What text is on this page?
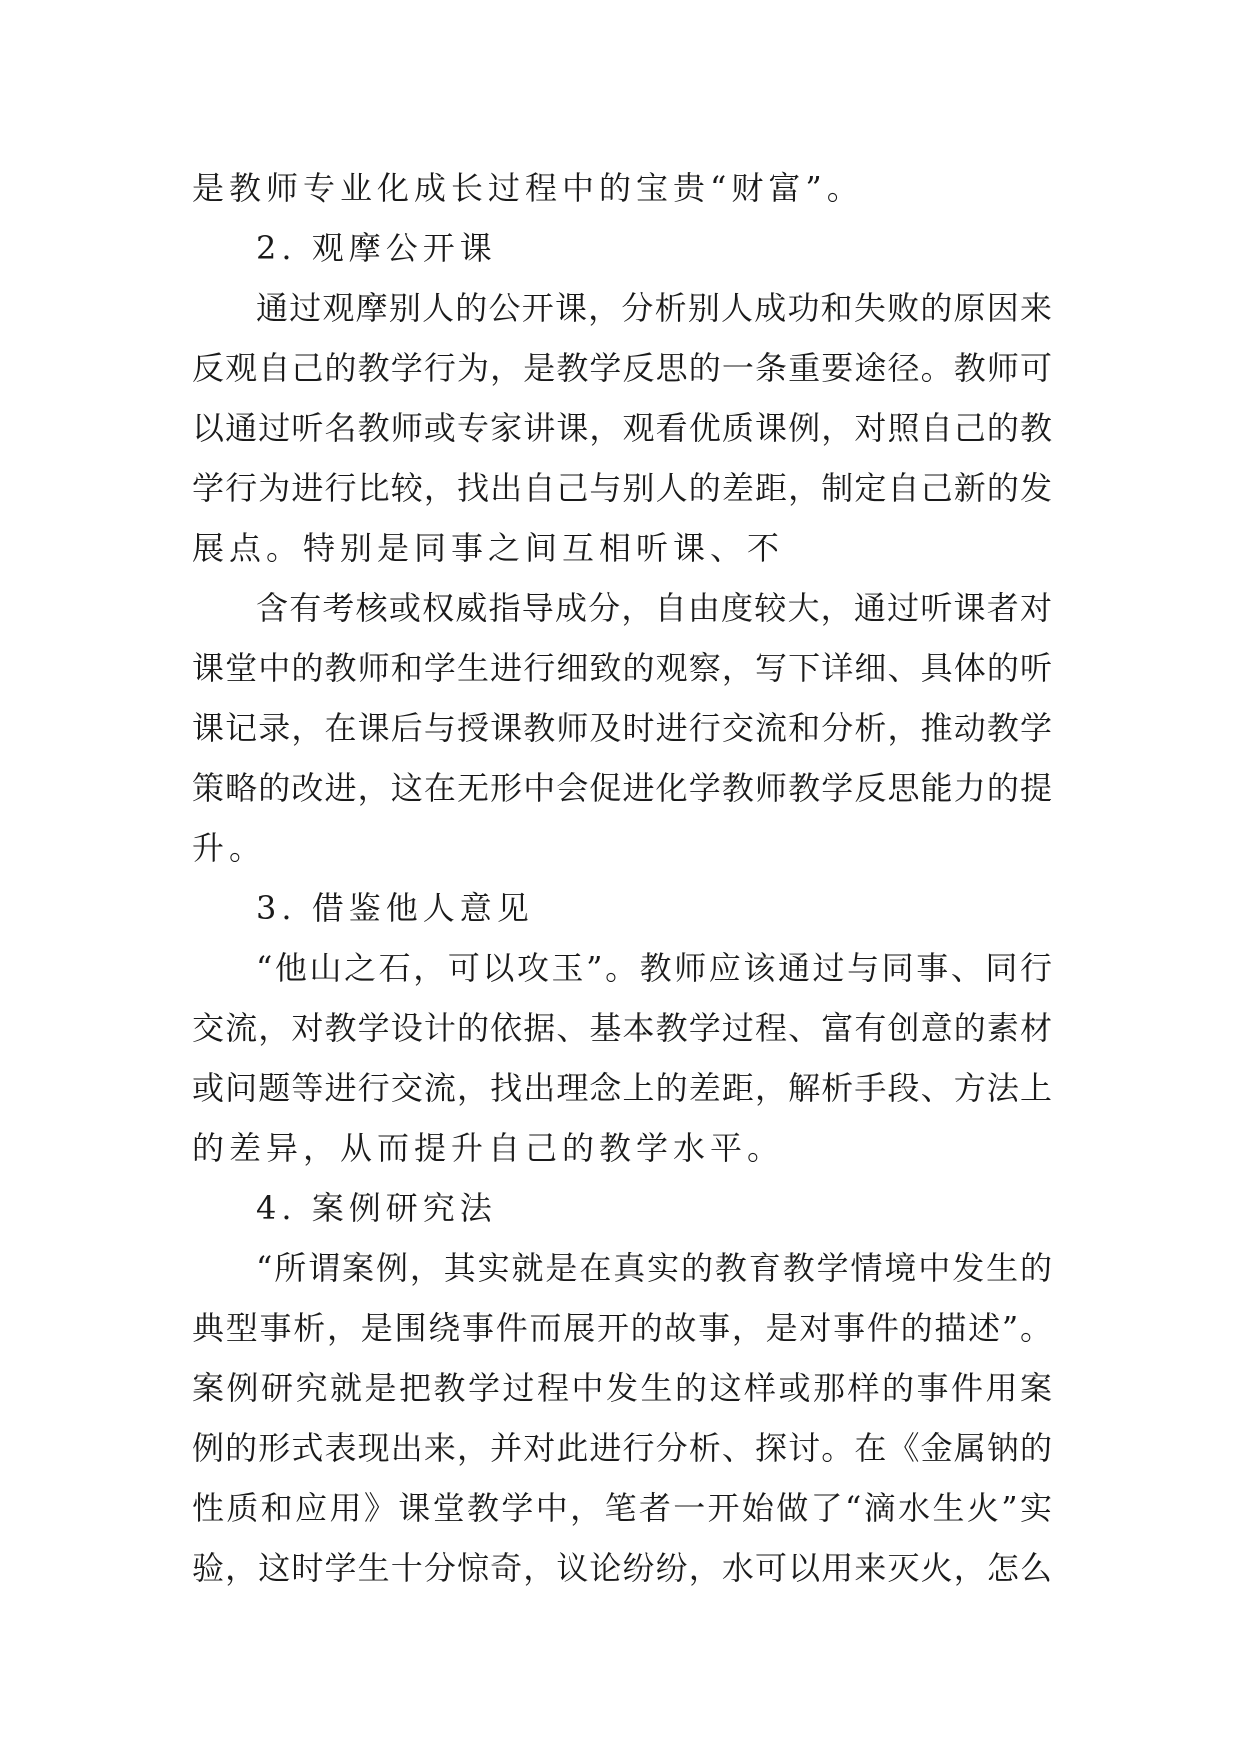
是教师专业化成长过程中的宝贵“财富”。
2. 观摩公开课
通过观摩别人的公开课，分析别人成功和失败的原因来
反观自己的教学行为，是教学反思的一条重要途径。教师可
以通过听名教师或专家讲课，观看优质课例，对照自己的教
学行为进行比较，找出自己与别人的差距，制定自己新的发
展点。特别是同事之间互相听课、不
含有考核或权威指导成分，自由度较大，通过听课者对
课堂中的教师和学生进行细致的观察，写下详细、具体的听
课记录，在课后与授课教师及时进行交流和分析，推动教学
策略的改进，这在无形中会促进化学教师教学反思能力的提
升。
3. 借鉴他人意见
“他山之石，可以攻玉”。教师应该通过与同事、同行
交流，对教学设计的依据、基本教学过程、富有创意的素材
或问题等进行交流，找出理念上的差距，解析手段、方法上
的差异，从而提升自己的教学水平。
4. 案例研究法
“所谓案例，其实就是在真实的教育教学情境中发生的
典型事析，是围绕事件而展开的故事，是对事件的描述”。
案例研究就是把教学过程中发生的这样或那样的事件用案
例的形式表现出来，并对此进行分析、探讨。在《金属钠的
性质和应用》课堂教学中，笔者一开始做了“滴水生火”实
验，这时学生十分惊奇，议论纷纷，水可以用来灭火，怎么
